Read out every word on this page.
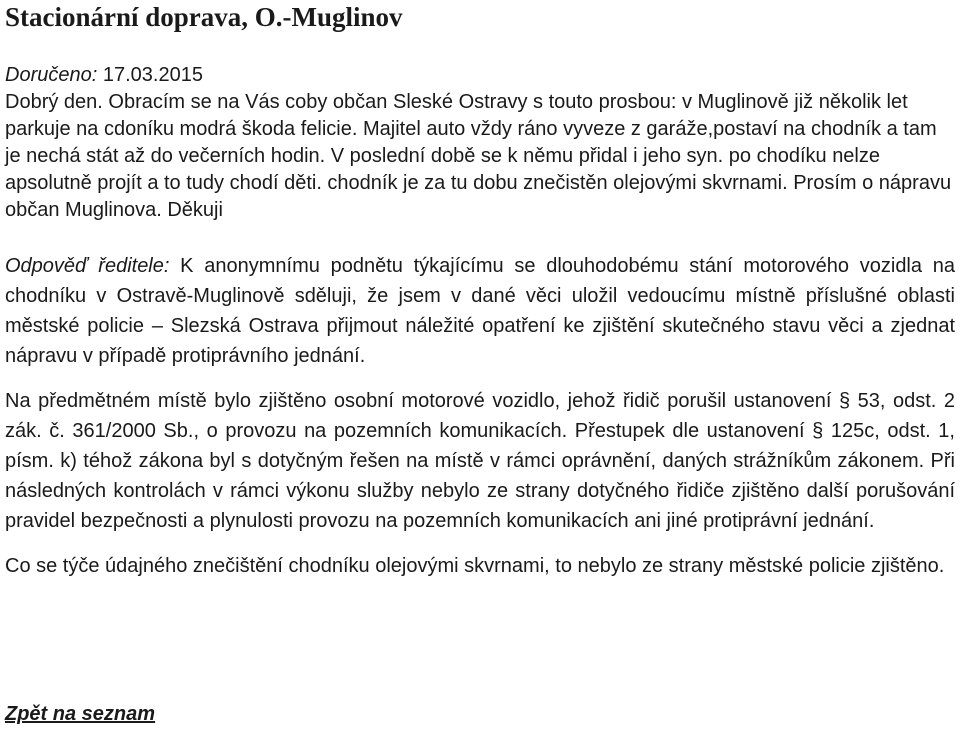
Stacionární doprava, O.-Muglinov

Doručeno: 17.03.2015

Dobrý den. Obracím se na Vás coby občan Sleské Ostravy s touto prosbou: v Muglinově již několik let parkuje na cdoníku modrá škoda felicie. Majitel auto vždy ráno vyveze z garáže,postaví na chodník a tam je nechá stát až do večerních hodin. V poslední době se k němu přidal i jeho syn. po chodíku nelze apsolutně projít a to tudy chodí děti. chodník je za tu dobu znečistěn olejovými skvrnami. Prosím o nápravu občan Muglinova. Děkuji

Odpověď ředitele: K anonymnímu podnětu týkajícímu se dlouhodobému stání motorového vozidla na chodníku v Ostravě-Muglinově sděluji, že jsem v dané věci uložil vedoucímu místně příslušné oblasti městské policie – Slezská Ostrava přijmout náležité opatření ke zjištění skutečného stavu věci a zjednat nápravu v případě protiprávního jednání.

Na předmětném místě bylo zjištěno osobní motorové vozidlo, jehož řidič porušil ustanovení § 53, odst. 2 zák. č. 361/2000 Sb., o provozu na pozemních komunikacích. Přestupek dle ustanovení § 125c, odst. 1, písm. k) téhož zákona byl s dotyčným řešen na místě v rámci oprávnění, daných strážníkům zákonem. Při následných kontrolách v rámci výkonu služby nebylo ze strany dotyčného řidiče zjištěno další porušování pravidel bezpečnosti a plynulosti provozu na pozemních komunikacích ani jiné protiprávní jednání.

Co se týče údajného znečištění chodníku olejovými skvrnami, to nebylo ze strany městské policie zjištěno.

Zpět na seznam
